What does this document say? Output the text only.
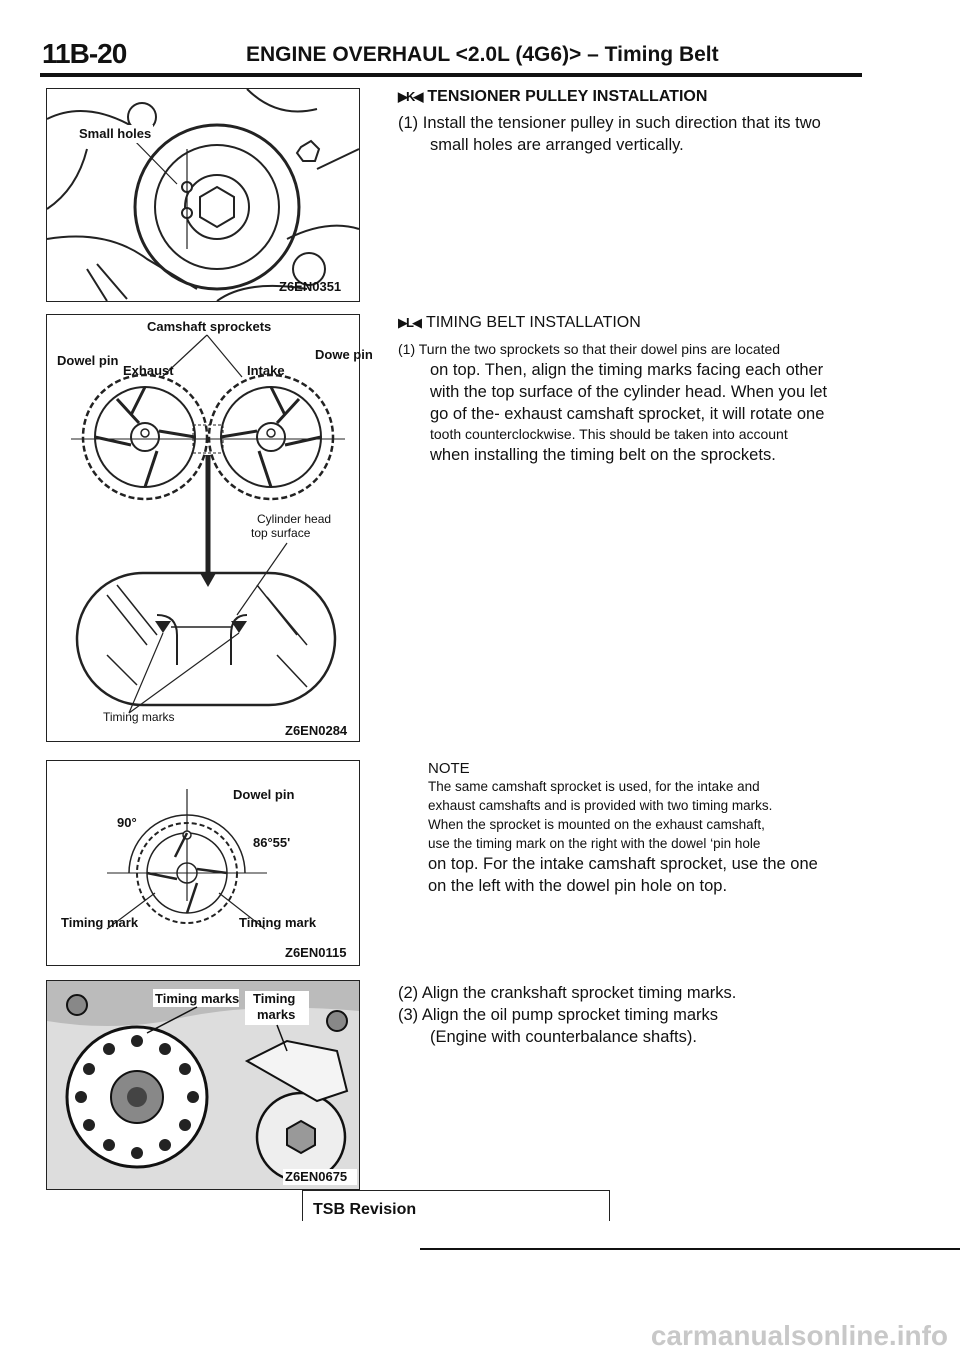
11B-20	ENGINE OVERHAUL <2.0L (4G6)> – Timing Belt
Small holes
Z6EN0351
Camshaft sprockets
Dowel pin
Exhaust	Intake
Dowe pin
Cylinder head
top surface
Timing marks
Z6EN0284
Dowel pin
90°
86°55'
Timing mark	Timing mark
Z6EN0115
Timing marks Timing
marks
Z6EN0675
▶K◀ TENSIONER PULLEY INSTALLATION
(1) Install the tensioner pulley in such direction that its two
small holes are arranged vertically.
▶L◀ TIMING BELT INSTALLATION
(1) Turn the two sprockets so that their dowel pins are located
on top. Then, align the timing marks facing each other
with the top surface of the cylinder head. When you let
go of the- exhaust camshaft sprocket, it will rotate one
tooth counterclockwise. This should be taken into account
when installing the timing belt on the sprockets.
NOTE
The same camshaft sprocket is used, for the intake and
exhaust camshafts and is provided with two timing marks.
When the sprocket is mounted on the exhaust camshaft,
use the timing mark on the right with the dowel ‘pin hole
on top. For the intake camshaft sprocket, use the one
on the left with the dowel pin hole on top.
(2) Align the crankshaft sprocket timing marks.
(3) Align the oil pump sprocket timing marks
(Engine with counterbalance shafts).
TSB Revision
carmanualsonline.info
